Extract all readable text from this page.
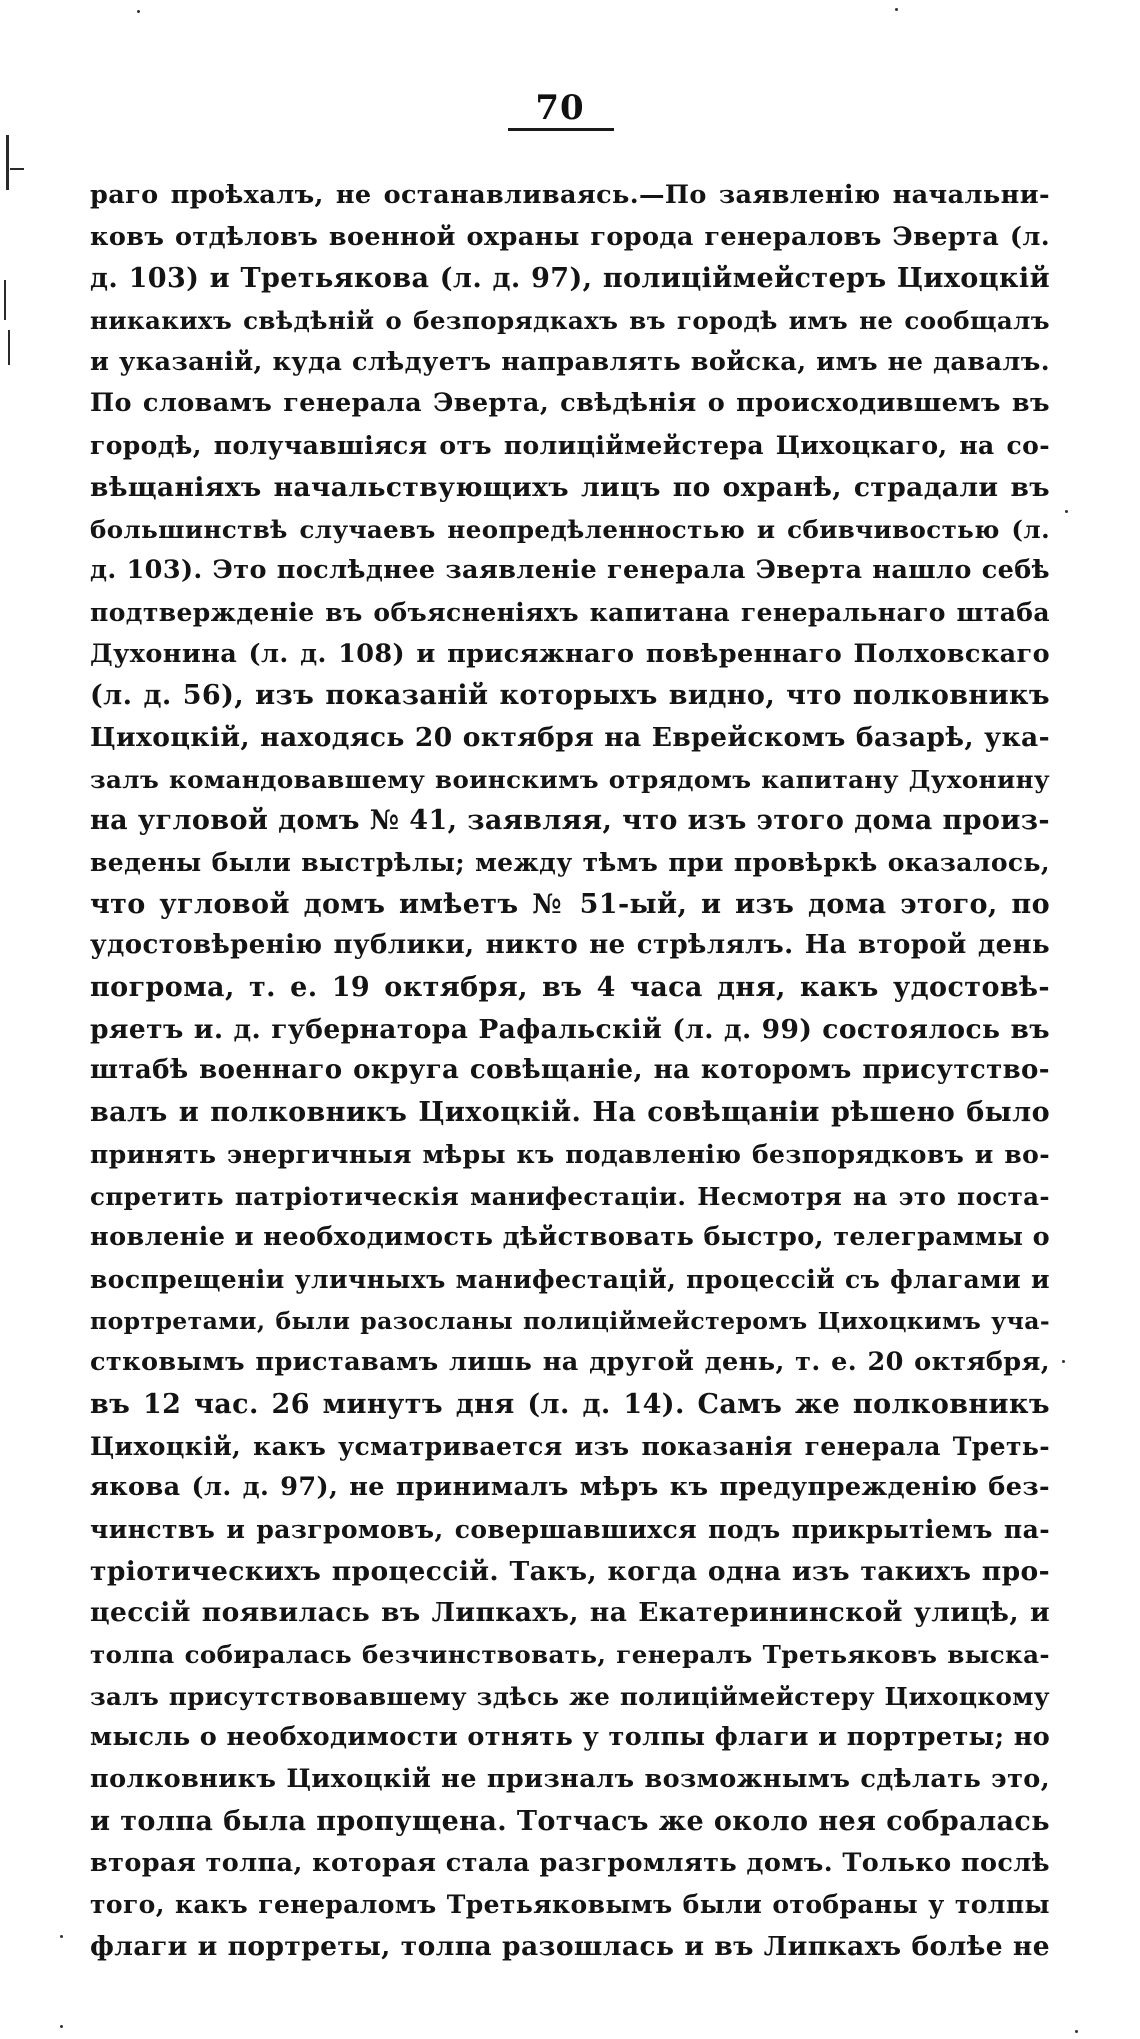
70
раго проѣхалъ, не останавливаясь.—По заявленію начальни-
ковъ отдѣловъ военной охраны города генераловъ Эверта (л.
д. 103) и Третьякова (л. д. 97), полицiймейстеръ Цихоцкій
никакихъ свѣдѣній о безпорядкахъ въ городѣ имъ не сообщалъ
и указаній, куда слѣдуетъ направлять войска, имъ не давалъ.
По словамъ генерала Эверта, свѣдѣнія о происходившемъ въ
городѣ, получавшiяся отъ полицiймейстера Цихоцкаго, на со-
вѣщаніяхъ начальствующихъ лицъ по охранѣ, страдали въ
большинствѣ случаевъ неопредѣленностью и сбивчивостью (л.
д. 103). Это послѣднее заявленіе генерала Эверта нашло себѣ
подтвержденіе въ объясненіяхъ капитана генеральнаго штаба
Духонина (л. д. 108) и присяжнаго повѣреннаго Полховскаго
(л. д. 56), изъ показаній которыхъ видно, что полковникъ
Цихоцкій, находясь 20 октября на Еврейскомъ базарѣ, ука-
залъ командовавшему воинскимъ отрядомъ капитану Духонину
на угловой домъ № 41, заявляя, что изъ этого дома произ-
ведены были выстрѣлы; между тѣмъ при провѣркѣ оказалось,
что угловой домъ имѣетъ № 51-ый, и изъ дома этого, по
удостовѣренію публики, никто не стрѣлялъ. На второй день
погрома, т. е. 19 октября, въ 4 часа дня, какъ удостовѣ-
ряетъ и. д. губернатора Рафальскій (л. д. 99) состоялось въ
штабѣ военнаго округа совѣщаніе, на которомъ присутство-
валъ и полковникъ Цихоцкій. На совѣщаніи рѣшено было
принять энергичныя мѣры къ подавленію безпорядковъ и во-
спретить патріотическія манифестаціи. Несмотря на это поста-
новленіе и необходимость дѣйствовать быстро, телеграммы о
воспрещеніи уличныхъ манифестацій, процессій съ флагами и
портретами, были разосланы полицiймейстеромъ Цихоцкимъ уча-
стковымъ приставамъ лишь на другой день, т. е. 20 октября,
въ 12 час. 26 минутъ дня (л. д. 14). Самъ же полковникъ
Цихоцкій, какъ усматривается изъ показанія генерала Треть-
якова (л. д. 97), не принималъ мѣръ къ предупрежденію без-
чинствъ и разгромовъ, совершавшихся подъ прикрытіемъ па-
тріотическихъ процессій. Такъ, когда одна изъ такихъ про-
цессій появилась въ Липкахъ, на Екатерининской улицѣ, и
толпа собиралась безчинствовать, генералъ Третьяковъ выска-
залъ присутствовавшему здѣсь же полицiймейстеру Цихоцкому
мысль о необходимости отнять у толпы флаги и портреты; но
полковникъ Цихоцкій не призналъ возможнымъ сдѣлать это,
и толпа была пропущена. Тотчасъ же около нея собралась
вторая толпа, которая стала разгромлять домъ. Только послѣ
того, какъ генераломъ Третьяковымъ были отобраны у толпы
флаги и портреты, толпа разошлась и въ Липкахъ болѣе не
